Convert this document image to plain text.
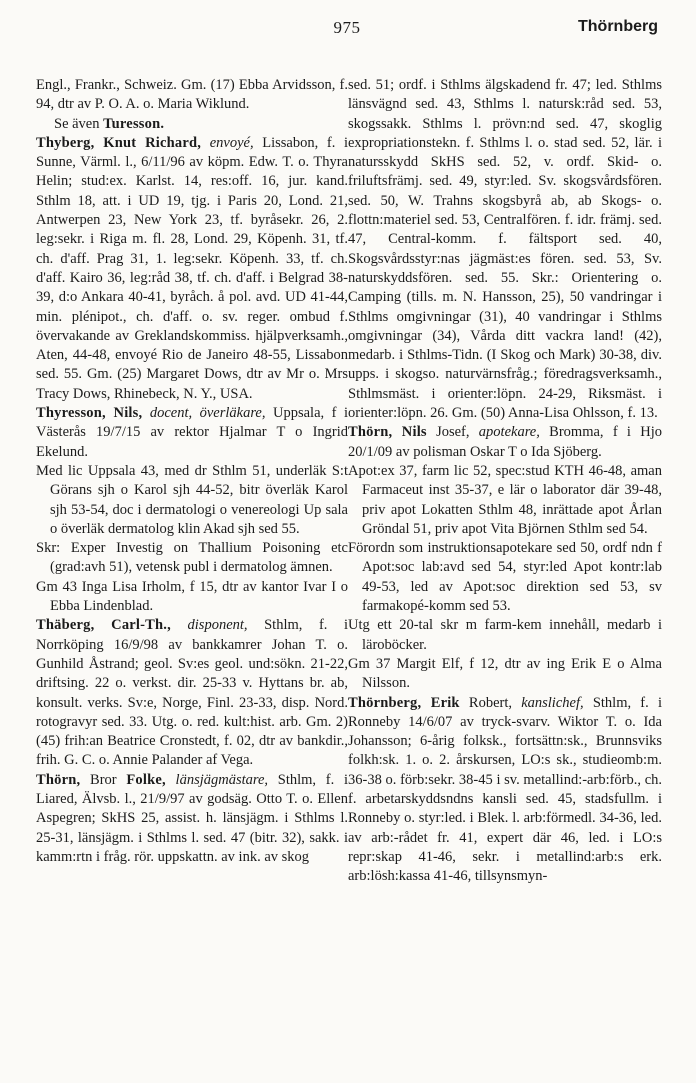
975	Thörnberg

Engl., Frankr., Schweiz. Gm. (17) Ebba Arvidsson, f. 94, dtr av P. O. A. o. Maria Wiklund.

Se även Turesson.

Thyberg, Knut Richard, envoyé, Lissabon, f. i Sunne, Värml. l., 6/11/96 av köpm. Edw. T. o. Thyra Helin; stud:ex. Karlst. 14, res:off. 16, jur. kand. Sthlm 18, att. i UD 19, tjg. i Paris 20, Lond. 21, Antwerpen 23, New York 23, tf. byråsekr. 26, 2. leg:sekr. i Riga m. fl. 28, Lond. 29, Köpenh. 31, tf. ch. d'aff. Prag 31, 1. leg:sekr. Köpenh. 33, tf. ch. d'aff. Kairo 36, leg:råd 38, tf. ch. d'aff. i Belgrad 38-39, d:o Ankara 40-41, byråch. å pol. avd. UD 41-44, min. plénipot., ch. d'aff. o. sv. reger. ombud f. övervakande av Greklandskommiss. hjälpverksamh., Aten, 44-48, envoyé Rio de Janeiro 48-55, Lissabon sed. 55. Gm. (25) Margaret Dows, dtr av Mr o. Mrs Tracy Dows, Rhinebeck, N. Y., USA.

Thyresson, Nils, docent, överläkare, Uppsala, f i Västerås 19/7/15 av rektor Hjalmar T o Ingrid Ekelund.

Med lic Uppsala 43, med dr Sthlm 51, underläk S:t Görans sjh o Karol sjh 44-52, bitr överläk Karol sjh 53-54, doc i dermatologi o venereologi Up sala o överläk dermatolog klin Akad sjh sed 55.

Skr: Exper Investig on Thallium Poisoning etc (grad:avh 51), vetensk publ i dermatolog ämnen.

Gm 43 Inga Lisa Irholm, f 15, dtr av kantor Ivar I o Ebba Lindenblad.

Thäberg, Carl-Th., disponent, Sthlm, f. i Norrköping 16/9/98 av bankkamrer Johan T. o. Gunhild Åstrand; geol. Sv:es geol. und:sökn. 21-22, driftsing. 22 o. verkst. dir. 25-33 v. Hyttans br. ab, konsult. verks. Sv:e, Norge, Finl. 23-33, disp. Nord. rotogravyr sed. 33. Utg. o. red. kult:hist. arb. Gm. 2) (45) frih:an Beatrice Cronstedt, f. 02, dtr av bankdir., frih. G. C. o. Annie Palander af Vega.

Thörn, Bror Folke, länsjägmästare, Sthlm, f. i Liared, Älvsb. l., 21/9/97 av godsäg. Otto T. o. Ellen Aspegren; SkHS 25, assist. h. länsjägm. i Sthlms l. 25-31, länsjägm. i Sthlms l. sed. 47 (bitr. 32), sakk. i kamm:rtn i fråg. rör. uppskattn. av ink. av skog

sed. 51; ordf. i Sthlms älgskadend fr. 47; led. Sthlms länsvägnd sed. 43, Sthlms l. natursk:råd sed. 53, skogssakk. Sthlms l. prövn:nd sed. 47, skoglig expropriationstekn. f. Sthlms l. o. stad sed. 52, lär. i natursskydd SkHS sed. 52, v. ordf. Skid- o. friluftsfrämj. sed. 49, styr:led. Sv. skogsvårdsfören. sed. 50, W. Trahns skogsbyrå ab, ab Skogs- o. flottn:materiel sed. 53, Centralfören. f. idr. främj. sed. 47, Central-komm. f. fältsport sed. 40, Skogsvårdsstyr:nas jägmäst:es fören. sed. 53, Sv. naturskyddsfören. sed. 55. Skr.: Orientering o. Camping (tills. m. N. Hansson, 25), 50 vandringar i Sthlms omgivningar (31), 40 vandringar i Sthlms omgivningar (34), Vårda ditt vackra land! (42), medarb. i Sthlms-Tidn. (I Skog och Mark) 30-38, div. upps. i skogso. naturvärnsfråg.; föredragsverksamh., Sthlmsmäst. i orienter:löpn. 24-29, Riksmäst. i orienter:löpn. 26. Gm. (50) Anna-Lisa Ohlsson, f. 13.

Thörn, Nils Josef, apotekare, Bromma, f i Hjo 20/1/09 av polisman Oskar T o Ida Sjöberg.

Apot:ex 37, farm lic 52, spec:stud KTH 46-48, aman Farmaceut inst 35-37, e lär o laborator där 39-48, priv apot Lokatten Sthlm 48, inrättade apot Årlan Gröndal 51, priv apot Vita Björnen Sthlm sed 54.

Förordn som instruktionsapotekare sed 50, ordf ndn f Apot:soc lab:avd sed 54, styr:led Apot kontr:lab 49-53, led av Apot:soc direktion sed 53, sv farmakopé-komm sed 53.

Utg ett 20-tal skr m farm-kem innehåll, medarb i läroböcker.

Gm 37 Margit Elf, f 12, dtr av ing Erik E o Alma Nilsson.

Thörnberg, Erik Robert, kanslichef, Sthlm, f. i Ronneby 14/6/07 av tryck-svarv. Wiktor T. o. Ida Johansson; 6-årig folksk., fortsättn:sk., Brunnsviks folkh:sk. 1. o. 2. årskursen, LO:s sk., studieomb:m. 36-38 o. förb:sekr. 38-45 i sv. metallind:-arb:förb., ch. f. arbetarskyddsndns kansli sed. 45, stadsfullm. i Ronneby o. styr:led. i Blek. l. arb:förmedl. 34-36, led. av arb:-rådet fr. 41, expert där 46, led. i LO:s repr:skap 41-46, sekr. i metallind:arb:s erk. arb:lösh:kassa 41-46, tillsynsmyn-
